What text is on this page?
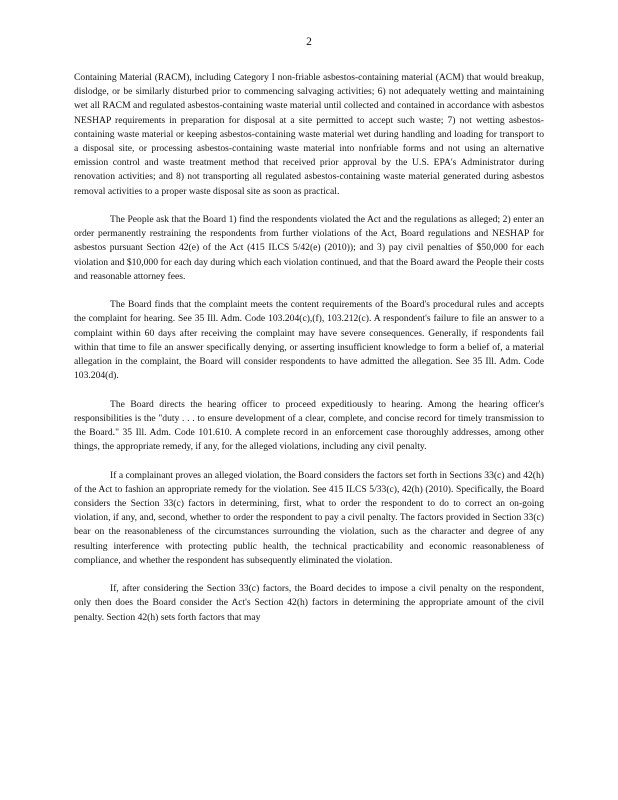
2

Containing Material (RACM), including Category I non-friable asbestos-containing material (ACM) that would breakup, dislodge, or be similarly disturbed prior to commencing salvaging activities; 6) not adequately wetting and maintaining wet all RACM and regulated asbestos-containing waste material until collected and contained in accordance with asbestos NESHAP requirements in preparation for disposal at a site permitted to accept such waste; 7) not wetting asbestos-containing waste material or keeping asbestos-containing waste material wet during handling and loading for transport to a disposal site, or processing asbestos-containing waste material into nonfriable forms and not using an alternative emission control and waste treatment method that received prior approval by the U.S. EPA's Administrator during renovation activities; and 8) not transporting all regulated asbestos-containing waste material generated during asbestos removal activities to a proper waste disposal site as soon as practical.

The People ask that the Board 1) find the respondents violated the Act and the regulations as alleged; 2) enter an order permanently restraining the respondents from further violations of the Act, Board regulations and NESHAP for asbestos pursuant Section 42(e) of the Act (415 ILCS 5/42(e) (2010)); and 3) pay civil penalties of $50,000 for each violation and $10,000 for each day during which each violation continued, and that the Board award the People their costs and reasonable attorney fees.

The Board finds that the complaint meets the content requirements of the Board's procedural rules and accepts the complaint for hearing. See 35 Ill. Adm. Code 103.204(c),(f), 103.212(c). A respondent's failure to file an answer to a complaint within 60 days after receiving the complaint may have severe consequences. Generally, if respondents fail within that time to file an answer specifically denying, or asserting insufficient knowledge to form a belief of, a material allegation in the complaint, the Board will consider respondents to have admitted the allegation. See 35 Ill. Adm. Code 103.204(d).

The Board directs the hearing officer to proceed expeditiously to hearing. Among the hearing officer's responsibilities is the "duty . . . to ensure development of a clear, complete, and concise record for timely transmission to the Board." 35 Ill. Adm. Code 101.610. A complete record in an enforcement case thoroughly addresses, among other things, the appropriate remedy, if any, for the alleged violations, including any civil penalty.

If a complainant proves an alleged violation, the Board considers the factors set forth in Sections 33(c) and 42(h) of the Act to fashion an appropriate remedy for the violation. See 415 ILCS 5/33(c), 42(h) (2010). Specifically, the Board considers the Section 33(c) factors in determining, first, what to order the respondent to do to correct an on-going violation, if any, and, second, whether to order the respondent to pay a civil penalty. The factors provided in Section 33(c) bear on the reasonableness of the circumstances surrounding the violation, such as the character and degree of any resulting interference with protecting public health, the technical practicability and economic reasonableness of compliance, and whether the respondent has subsequently eliminated the violation.

If, after considering the Section 33(c) factors, the Board decides to impose a civil penalty on the respondent, only then does the Board consider the Act's Section 42(h) factors in determining the appropriate amount of the civil penalty. Section 42(h) sets forth factors that may
